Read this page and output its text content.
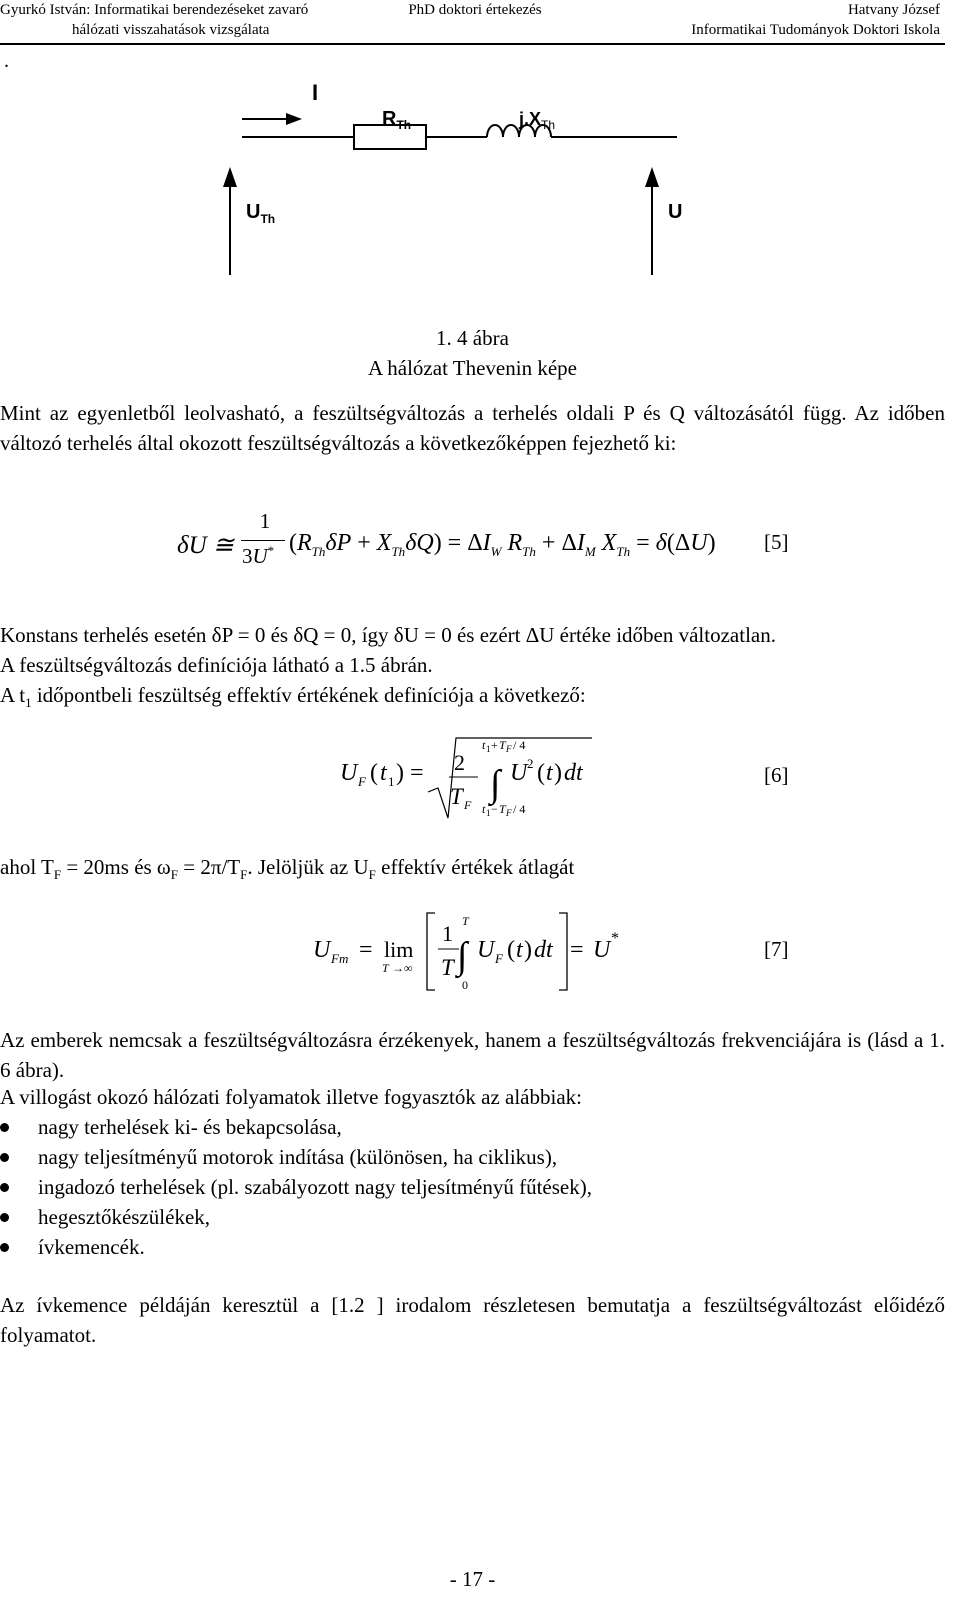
Gyurkó István: Informatikai berendezéseket zavaró
hálózati visszahatások vizsgálata
PhD doktori értekezés	Hatvany József
Informatikai Tudományok Doktori Iskola
.
I
$R_{Th}$	$j.X_{Th}$
$U_{Th}$	U
1. 4 ábra
A hálózat Thevenin képe
Mint az egyenletből leolvasható, a feszültségváltozás a terhelés oldali P és Q változásától függ. Az időben változó terhelés által okozott feszültségváltozás a következőképpen fejezhető ki:
δU ≅
1
3U* $(R_{Th}\delta P + X_{Th}\delta Q) = \Delta I_W$ $R_{Th} + \Delta I_M$ $X_{Th} = \delta(\Delta U)$ [5]
Konstans terhelés esetén δP = 0 és δQ = 0, így δU = 0 és ezért ΔU értéke időben változatlan.
A feszültségváltozás definíciója látható a 1.5 ábrán.
A $t_1$ időpontbeli feszültség effektív értékének definíciója a következő:
U F ( t 1 ) = 2
T F
t 1 + T F / 4
∫
t 1 − T F / 4
U 2 ( t ) dt	[6]
ahol $T_F = 20ms$ és $\omega_F = 2\pi/T_F$. Jelöljük az $U_F$ effektív értékek átlagát
U Fm = lim
T →∞
1
T
T
∫
0
U F ( t ) dt = U *	[7]
Az emberek nemcsak a feszültségváltozásra érzékenyek, hanem a feszültségváltozás frekvenciájára is (lásd a 1. 6 ábra).
A villogást okozó hálózati folyamatok illetve fogyasztók az alábbiak:
nagy terhelések ki- és bekapcsolása,
nagy teljesítményű motorok indítása (különösen, ha ciklikus),
ingadozó terhelések (pl. szabályozott nagy teljesítményű fűtések),
hegesztőkészülékek,
ívkemencék.
Az ívkemence példáján keresztül a [1.2 ] irodalom részletesen bemutatja a feszültségváltozást előidéző folyamatot.
- 17 -
